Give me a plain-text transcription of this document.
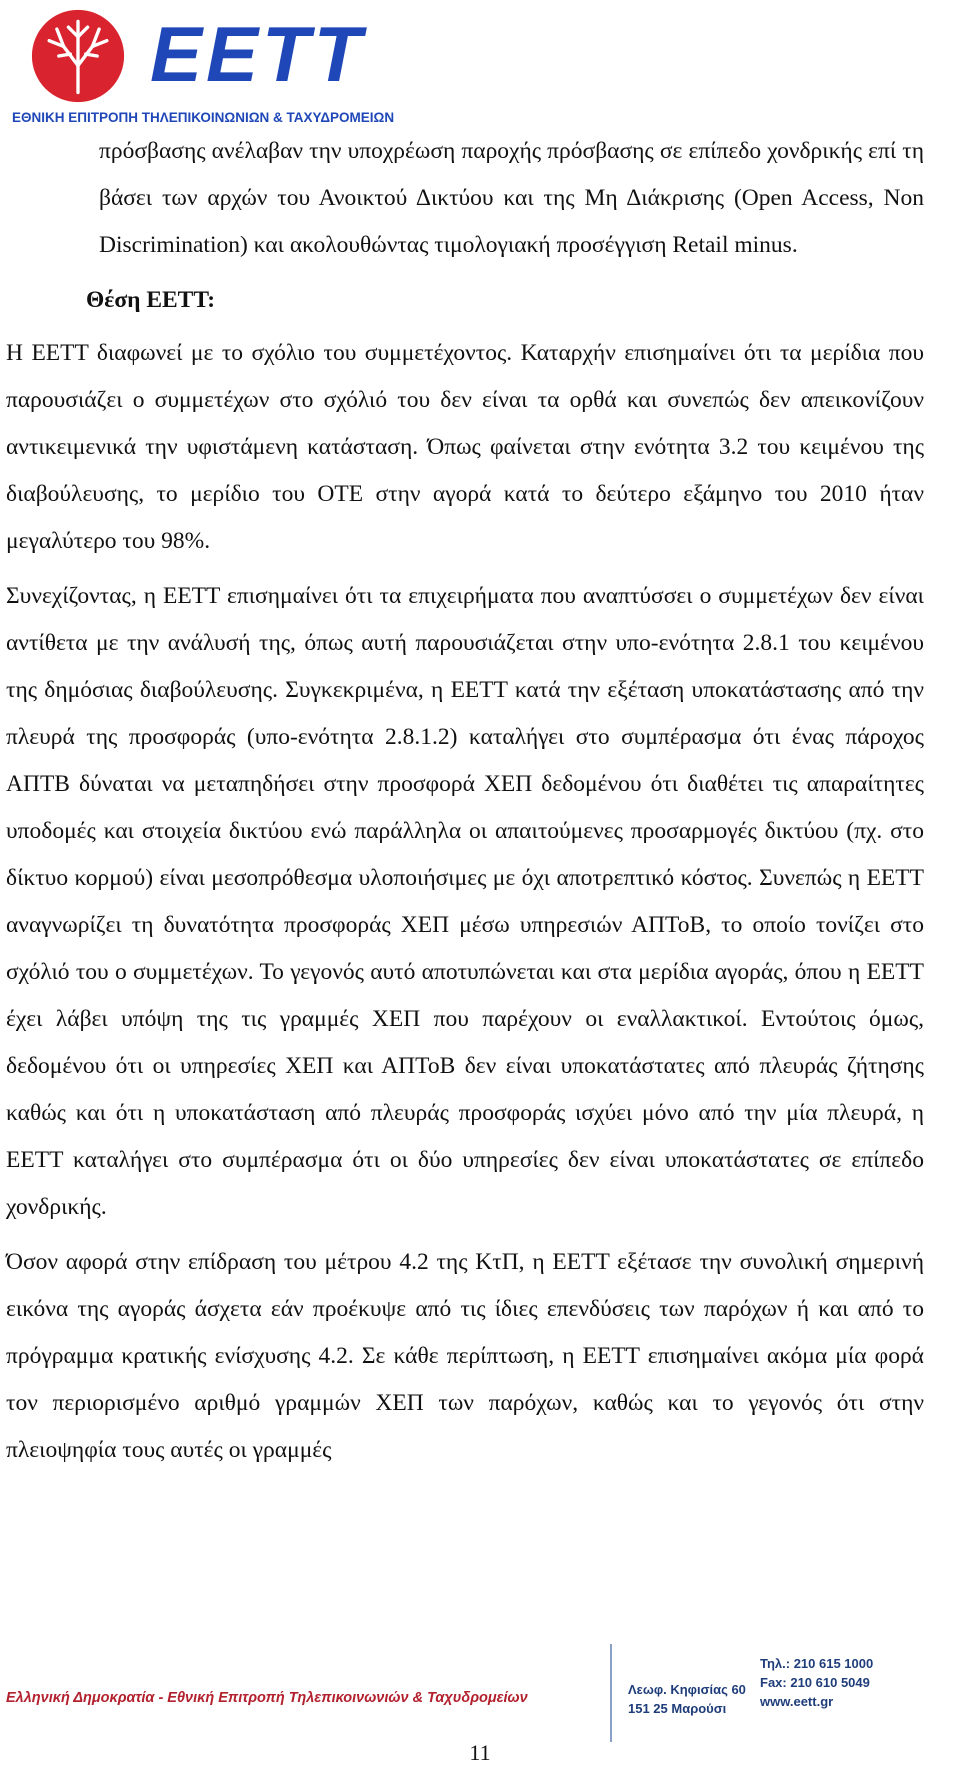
EETT
ΕΘΝΙΚΗ ΕΠΙΤΡΟΠΗ ΤΗΛΕΠΙΚΟΙΝΩΝΙΩΝ & ΤΑΧΥΔΡΟΜΕΙΩΝ

πρόσβασης ανέλαβαν την υποχρέωση παροχής πρόσβασης σε επίπεδο χονδρικής επί τη βάσει των αρχών του Ανοικτού Δικτύου και της Μη Διάκρισης (Open Access, Non Discrimination) και ακολουθώντας τιμολογιακή προσέγγιση Retail minus.

Θέση ΕΕΤΤ:

Η ΕΕΤΤ διαφωνεί με το σχόλιο του συμμετέχοντος. Καταρχήν επισημαίνει ότι τα μερίδια που παρουσιάζει ο συμμετέχων στο σχόλιό του δεν είναι τα ορθά και συνεπώς δεν απεικονίζουν αντικειμενικά την υφιστάμενη κατάσταση. Όπως φαίνεται στην ενότητα 3.2 του κειμένου της διαβούλευσης, το μερίδιο του ΟΤΕ στην αγορά κατά το δεύτερο εξάμηνο του 2010 ήταν μεγαλύτερο του 98%.

Συνεχίζοντας, η ΕΕΤΤ επισημαίνει ότι τα επιχειρήματα που αναπτύσσει ο συμμετέχων δεν είναι αντίθετα με την ανάλυσή της, όπως αυτή παρουσιάζεται στην υπο-ενότητα 2.8.1 του κειμένου της δημόσιας διαβούλευσης. Συγκεκριμένα, η ΕΕΤΤ κατά την εξέταση υποκατάστασης από την πλευρά της προσφοράς (υπο-ενότητα 2.8.1.2) καταλήγει στο συμπέρασμα ότι ένας πάροχος ΑΠΤΒ δύναται να μεταπηδήσει στην προσφορά ΧΕΠ δεδομένου ότι διαθέτει τις απαραίτητες υποδομές και στοιχεία δικτύου ενώ παράλληλα οι απαιτούμενες προσαρμογές δικτύου (πχ. στο δίκτυο κορμού) είναι μεσοπρόθεσμα υλοποιήσιμες με όχι αποτρεπτικό κόστος. Συνεπώς η ΕΕΤΤ αναγνωρίζει τη δυνατότητα προσφοράς ΧΕΠ μέσω υπηρεσιών ΑΠΤοΒ, το οποίο τονίζει στο σχόλιό του ο συμμετέχων. Το γεγονός αυτό αποτυπώνεται και στα μερίδια αγοράς, όπου η ΕΕΤΤ έχει λάβει υπόψη της τις γραμμές ΧΕΠ που παρέχουν οι εναλλακτικοί. Εντούτοις όμως, δεδομένου ότι οι υπηρεσίες ΧΕΠ και ΑΠΤοΒ δεν είναι υποκατάστατες από πλευράς ζήτησης καθώς και ότι η υποκατάσταση από πλευράς προσφοράς ισχύει μόνο από την μία πλευρά, η ΕΕΤΤ καταλήγει στο συμπέρασμα ότι οι δύο υπηρεσίες δεν είναι υποκατάστατες σε επίπεδο χονδρικής.

Όσον αφορά στην επίδραση του μέτρου 4.2 της ΚτΠ, η ΕΕΤΤ εξέτασε την συνολική σημερινή εικόνα της αγοράς άσχετα εάν προέκυψε από τις ίδιες επενδύσεις των παρόχων ή και από το πρόγραμμα κρατικής ενίσχυσης 4.2. Σε κάθε περίπτωση, η ΕΕΤΤ επισημαίνει ακόμα μία φορά τον περιορισμένο αριθμό γραμμών ΧΕΠ των παρόχων, καθώς και το γεγονός ότι στην πλειοψηφία τους αυτές οι γραμμές

Ελληνική Δημοκρατία - Εθνική Επιτροπή Τηλεπικοινωνιών & Ταχυδρομείων
Λεωφ. Κηφισίας 60
151 25 Μαρούσι
Τηλ.: 210 615 1000
Fax: 210 610 5049
www.eett.gr
11
